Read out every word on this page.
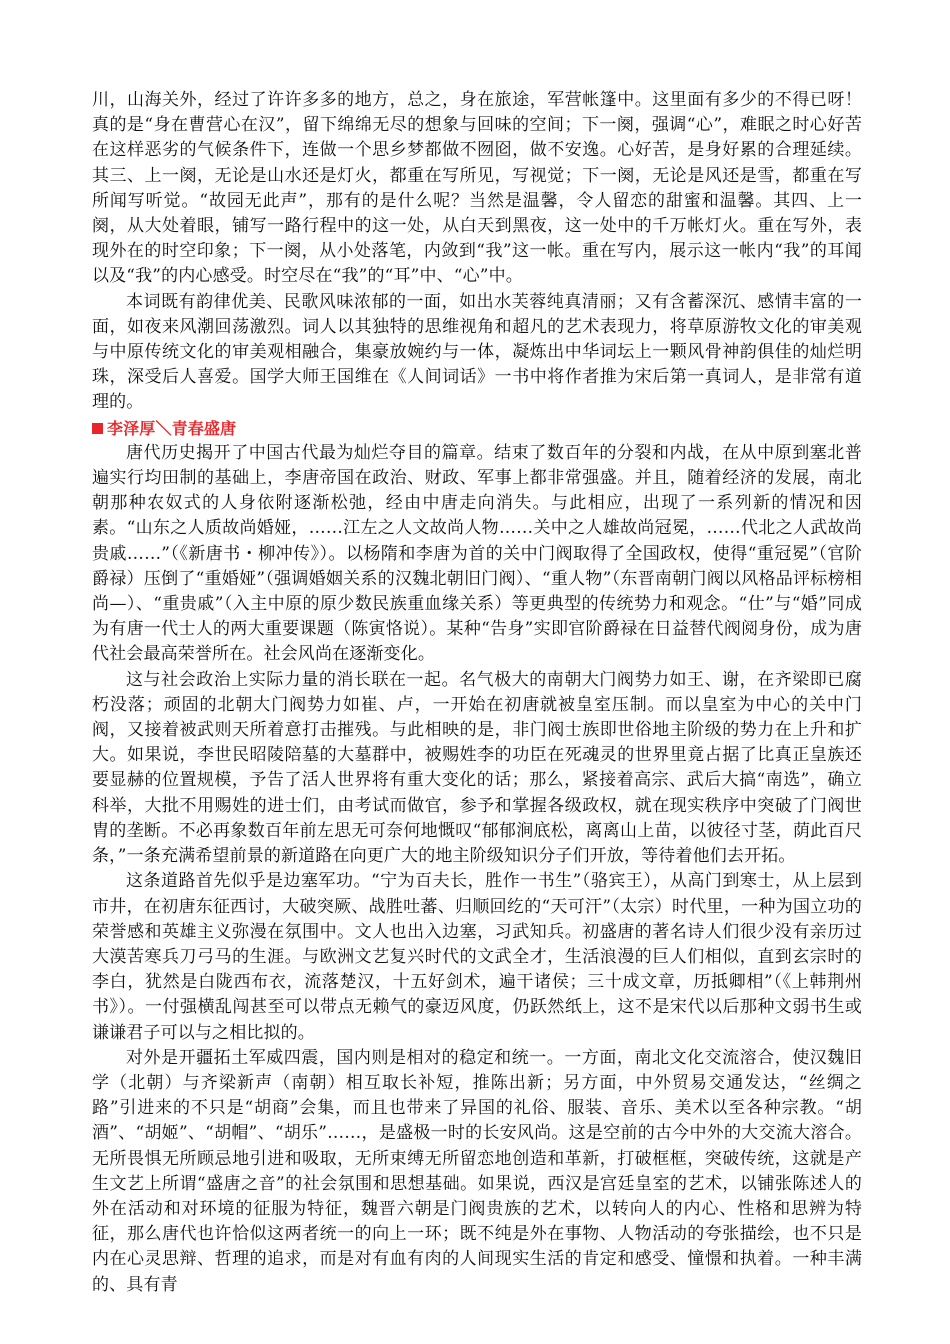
川，山海关外，经过了许许多多的地方，总之，身在旅途，军营帐篷中。这里面有多少的不得已呀！真的是“身在曹营心在汉”，留下绵绵无尽的想象与回味的空间；下一阕，强调“心”，难眠之时心好苦在这样恶劣的气候条件下，连做一个思乡梦都做不囫囵，做不安逸。心好苦，是身好累的合理延续。其三、上一阕，无论是山水还是灯火，都重在写所见，写视觉；下一阕，无论是风还是雪，都重在写所闻写听觉。“故园无此声”，那有的是什么呢？当然是温馨，令人留恋的甜蜜和温馨。其四、上一阕，从大处着眼，铺写一路行程中的这一处，从白天到黑夜，这一处中的千万帐灯火。重在写外，表现外在的时空印象；下一阕，从小处落笔，内敛到“我”这一帐。重在写内，展示这一帐内“我”的耳闻以及“我”的内心感受。时空尽在“我”的“耳”中、“心”中。

本词既有韵律优美、民歌风味浓郁的一面，如出水芙蓉纯真清丽；又有含蓄深沉、感情丰富的一面，如夜来风潮回荡激烈。词人以其独特的思维视角和超凡的艺术表现力，将草原游牧文化的审美观与中原传统文化的审美观相融合，集豪放婉约与一体，凝炼出中华词坛上一颗风骨神韵俱佳的灿烂明珠，深受后人喜爱。国学大师王国维在《人间词话》一书中将作者推为宋后第一真词人，是非常有道理的。

李泽厚＼青春盛唐

唐代历史揭开了中国古代最为灿烂夺目的篇章。结束了数百年的分裂和内战，在从中原到塞北普遍实行均田制的基础上，李唐帝国在政治、财政、军事上都非常强盛。并且，随着经济的发展，南北朝那种农奴式的人身依附逐渐松弛，经由中唐走向消失。与此相应，出现了一系列新的情况和因素。“山东之人质故尚婚娅，……江左之人文故尚人物……关中之人雄故尚冠冕，……代北之人武故尚贵戚……”（《新唐书・柳冲传》）。以杨隋和李唐为首的关中门阀取得了全国政权，使得“重冠冕”（官阶爵禄）压倒了“重婚娅”（强调婚姻关系的汉魏北朝旧门阀）、“重人物”（东晋南朝门阀以风格品评标榜相尚—）、“重贵戚”（入主中原的原少数民族重血缘关系）等更典型的传统势力和观念。“仕”与“婚”同成为有唐一代士人的两大重要课题（陈寅恪说）。某种“告身”实即官阶爵禄在日益替代阀阅身份，成为唐代社会最高荣誉所在。社会风尚在逐渐变化。

这与社会政治上实际力量的消长联在一起。名气极大的南朝大门阀势力如王、谢，在齐梁即已腐朽没落；顽固的北朝大门阀势力如崔、卢，一开始在初唐就被皇室压制。而以皇室为中心的关中门阀，又接着被武则天所着意打击摧残。与此相映的是，非门阀士族即世俗地主阶级的势力在上升和扩大。如果说，李世民昭陵陪墓的大墓群中，被赐姓李的功臣在死魂灵的世界里竟占据了比真正皇族还要显赫的位置规模，予告了活人世界将有重大变化的话；那么，紧接着高宗、武后大搞“南选”，确立科举，大批不用赐姓的进士们，由考试而做官，参予和掌握各级政权，就在现实秩序中突破了门阀世胄的垄断。不必再象数百年前左思无可奈何地慨叹“郁郁涧底松，离离山上苗，以彼径寸茎，荫此百尺条，”一条充满希望前景的新道路在向更广大的地主阶级知识分子们开放，等待着他们去开拓。

这条道路首先似乎是边塞军功。“宁为百夫长，胜作一书生”（骆宾王），从高门到寒士，从上层到市井，在初唐东征西讨，大破突厥、战胜吐蕃、归顺回纥的“天可汗”（太宗）时代里，一种为国立功的荣誉感和英雄主义弥漫在氛围中。文人也出入边塞，习武知兵。初盛唐的著名诗人们很少没有亲历过大漠苦寒兵刀弓马的生涯。与欧洲文艺复兴时代的文武全才，生活浪漫的巨人们相似，直到玄宗时的李白，犹然是白陇西布衣，流落楚汉，十五好剑术，遍干诸侯；三十成文章，历抵卿相”（《上韩荆州书》）。一付强横乱闯甚至可以带点无赖气的豪迈风度，仍跃然纸上，这不是宋代以后那种文弱书生或谦谦君子可以与之相比拟的。

对外是开疆拓土军威四震，国内则是相对的稳定和统一。一方面，南北文化交流溶合，使汉魏旧学（北朝）与齐梁新声（南朝）相互取长补短，推陈出新；另方面，中外贸易交通发达，“丝绸之路”引进来的不只是“胡商”会集，而且也带来了异国的礼俗、服装、音乐、美术以至各种宗教。“胡酒”、“胡姬”、“胡帽”、“胡乐”……，是盛极一时的长安风尚。这是空前的古今中外的大交流大溶合。无所畏惧无所顾忌地引进和吸取，无所束缚无所留恋地创造和革新，打破框框，突破传统，这就是产生文艺上所谓“盛唐之音”的社会氛围和思想基础。如果说，西汉是宫廷皇室的艺术，以铺张陈述人的外在活动和对环境的征服为特征，魏晋六朝是门阀贵族的艺术，以转向人的内心、性格和思辨为特征，那么唐代也许恰似这两者统一的向上一环；既不纯是外在事物、人物活动的夸张描绘，也不只是内在心灵思辩、哲理的追求，而是对有血有肉的人间现实生活的肯定和感受、憧憬和执着。一种丰满的、具有青
